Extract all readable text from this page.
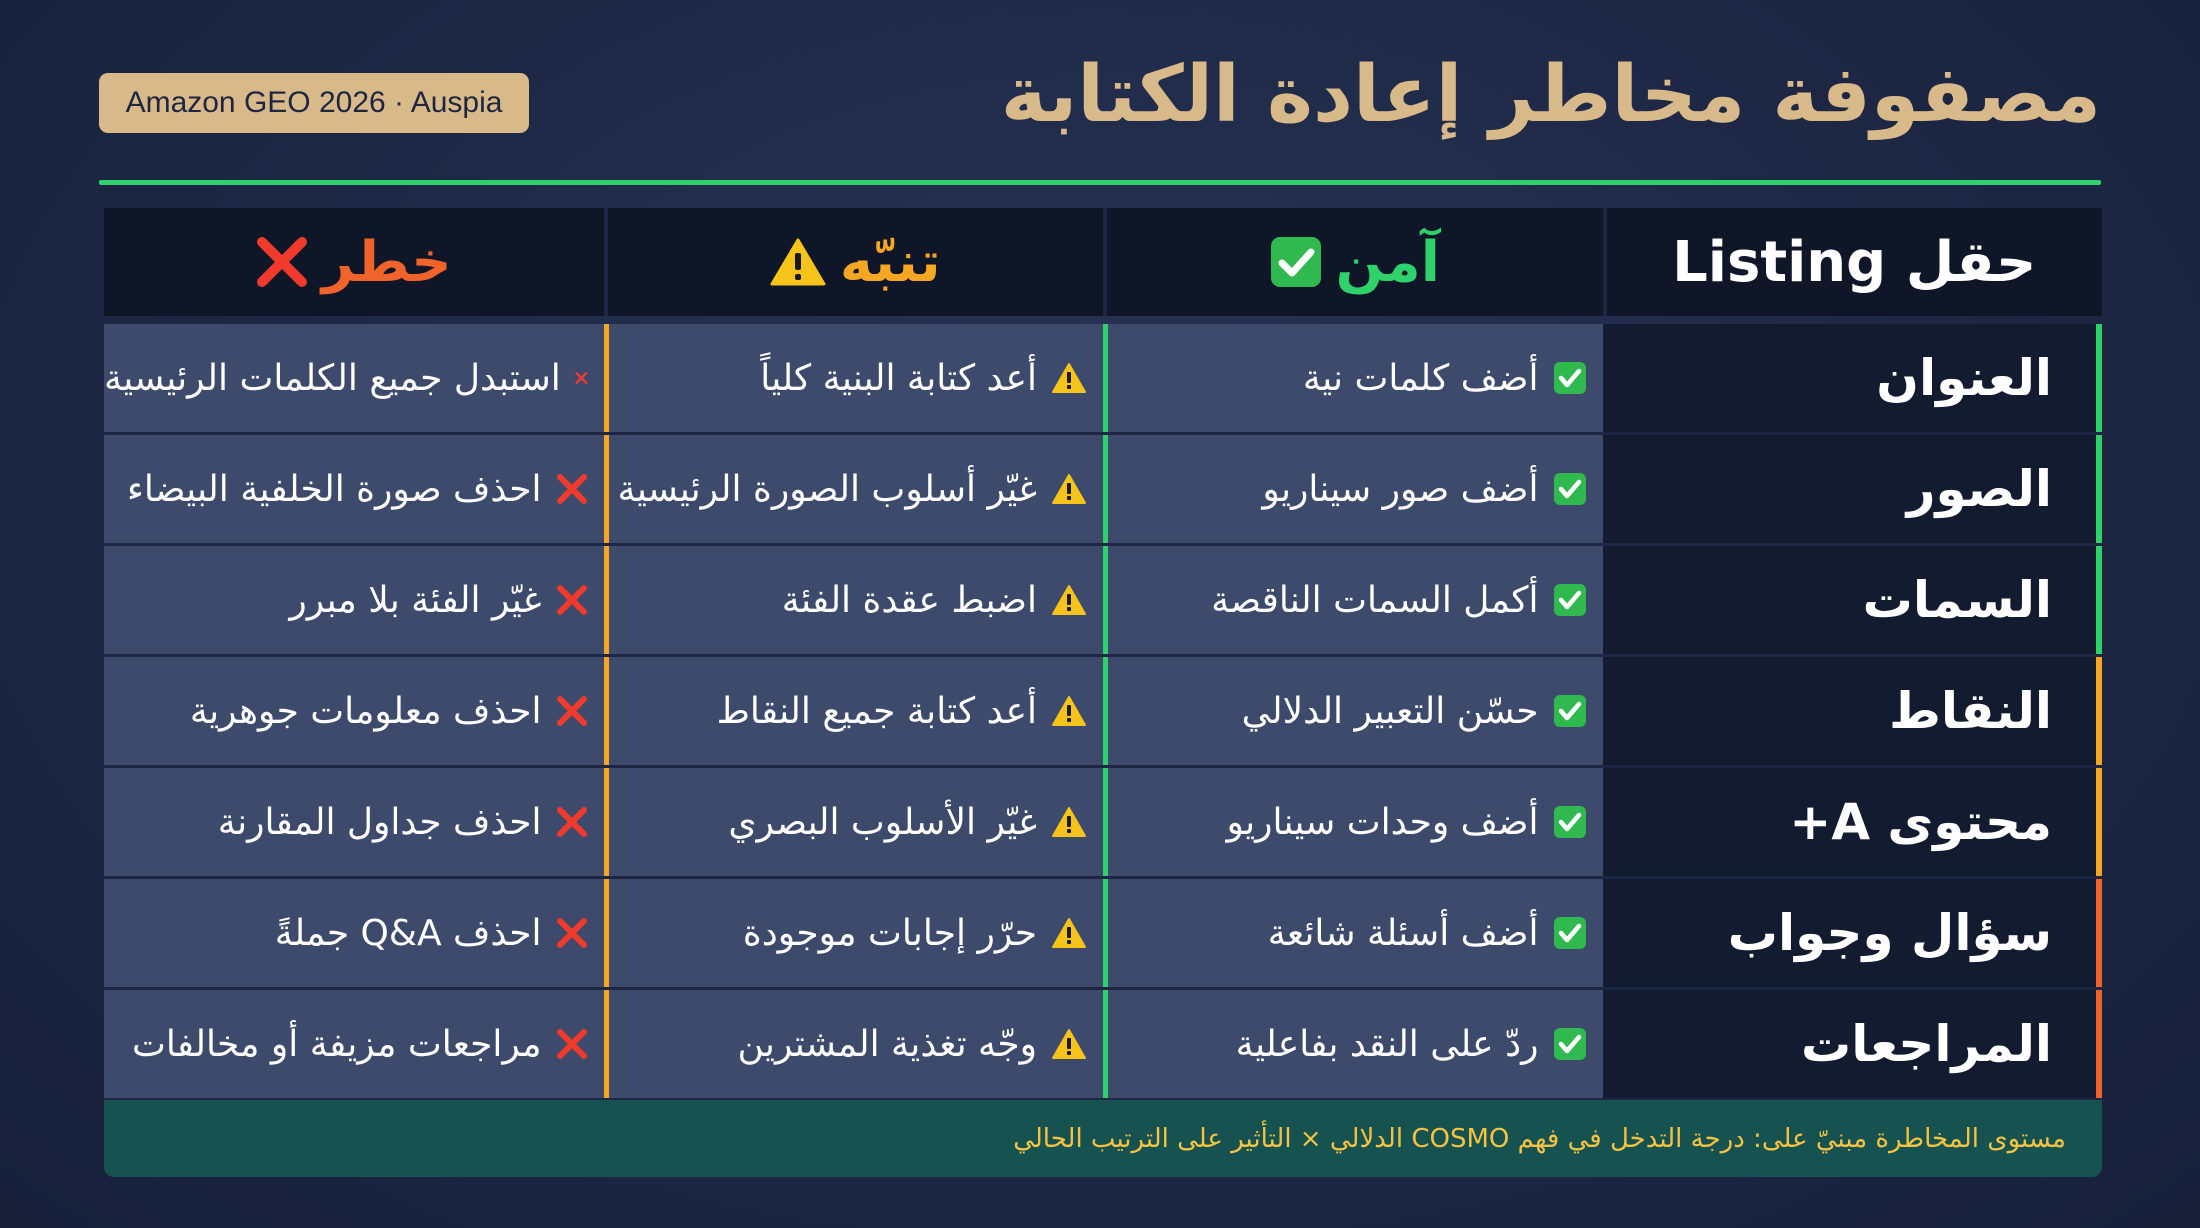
Amazon GEO 2026 · Auspia	مصفوفة مخاطر إعادة الكتابة
حقل Listing
آمن
تنبّه
خطر
العنوان
أضف كلمات نية
أعد كتابة البنية كلياً
استبدل جميع الكلمات الرئيسية
الصور
أضف صور سيناريو
غيّر أسلوب الصورة الرئيسية
احذف صورة الخلفية البيضاء
السمات
أكمل السمات الناقصة
اضبط عقدة الفئة
غيّر الفئة بلا مبرر
النقاط
حسّن التعبير الدلالي
أعد كتابة جميع النقاط
احذف معلومات جوهرية
محتوى A+
أضف وحدات سيناريو
غيّر الأسلوب البصري
احذف جداول المقارنة
سؤال وجواب
أضف أسئلة شائعة
حرّر إجابات موجودة
احذف Q&A جملةً
المراجعات
ردّ على النقد بفاعلية
وجّه تغذية المشترين
مراجعات مزيفة أو مخالفات
مستوى المخاطرة مبنيّ على: درجة التدخل في فهم COSMO الدلالي × التأثير على الترتيب الحالي
